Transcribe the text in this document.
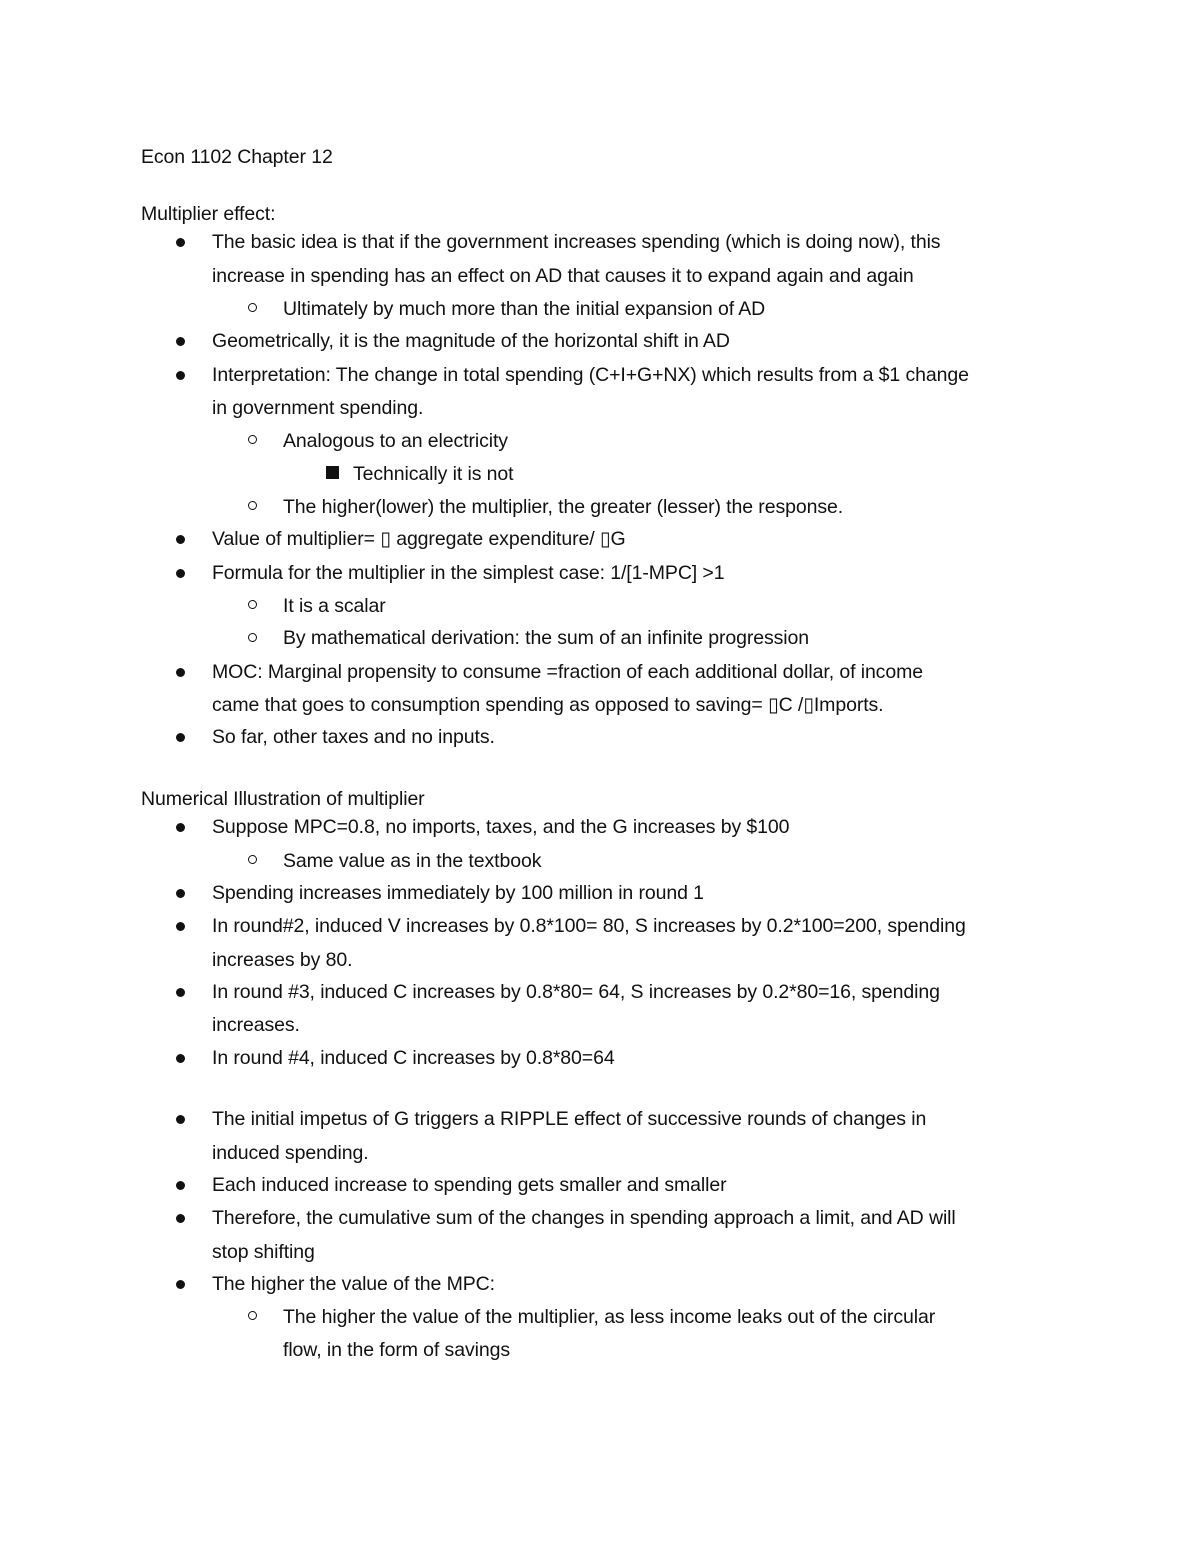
Econ 1102 Chapter 12
Multiplier effect:
The basic idea is that if the government increases spending (which is doing now), this
increase in spending has an effect on AD that causes it to expand again and again
Ultimately by much more than the initial expansion of AD
Geometrically, it is the magnitude of the horizontal shift in AD
Interpretation: The change in total spending (C+I+G+NX) which results from a $1 change
in government spending.
Analogous to an electricity
Technically it is not
The higher(lower) the multiplier, the greater (lesser) the response.
Value of multiplier= ▯ aggregate expenditure/ ▯G
Formula for the multiplier in the simplest case: 1/[1-MPC] >1
It is a scalar
By mathematical derivation: the sum of an infinite progression
MOC: Marginal propensity to consume =fraction of each additional dollar, of income
came that goes to consumption spending as opposed to saving= ▯C /▯Imports.
So far, other taxes and no inputs.
Numerical Illustration of multiplier
Suppose MPC=0.8, no imports, taxes, and the G increases by $100
Same value as in the textbook
Spending increases immediately by 100 million in round 1
In round#2, induced V increases by 0.8*100= 80, S increases by 0.2*100=200, spending
increases by 80.
In round #3, induced C increases by 0.8*80= 64, S increases by 0.2*80=16, spending
increases.
In round #4, induced C increases by 0.8*80=64
The initial impetus of G triggers a RIPPLE effect of successive rounds of changes in
induced spending.
Each induced increase to spending gets smaller and smaller
Therefore, the cumulative sum of the changes in spending approach a limit, and AD will
stop shifting
The higher the value of the MPC:
The higher the value of the multiplier, as less income leaks out of the circular
flow, in the form of savings
